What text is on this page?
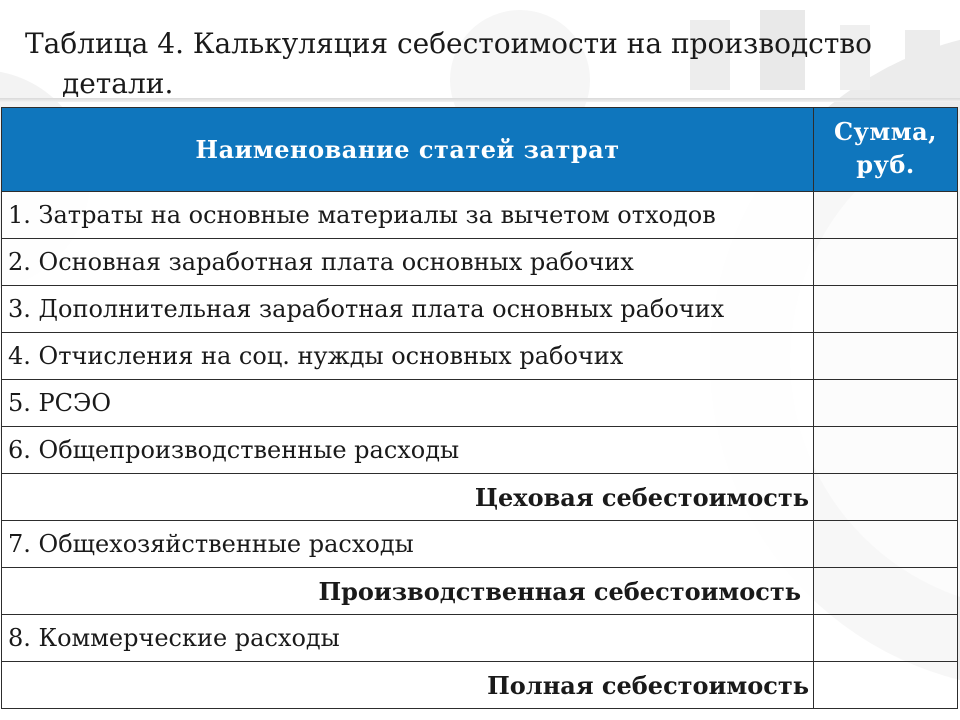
Таблица 4. Калькуляция себестоимости на производство детали.
Наименование статей затрат	Сумма,
руб.

1. Затраты на основные материалы за вычетом отходов	
2. Основная заработная плата основных рабочих	
3. Дополнительная заработная плата основных рабочих	
4. Отчисления на соц. нужды основных рабочих	
5. РСЭО	
6. Общепроизводственные расходы	
Цеховая себестоимость	
7. Общехозяйственные расходы	
Производственная себестоимость	
8. Коммерческие расходы	
Полная себестоимость	
